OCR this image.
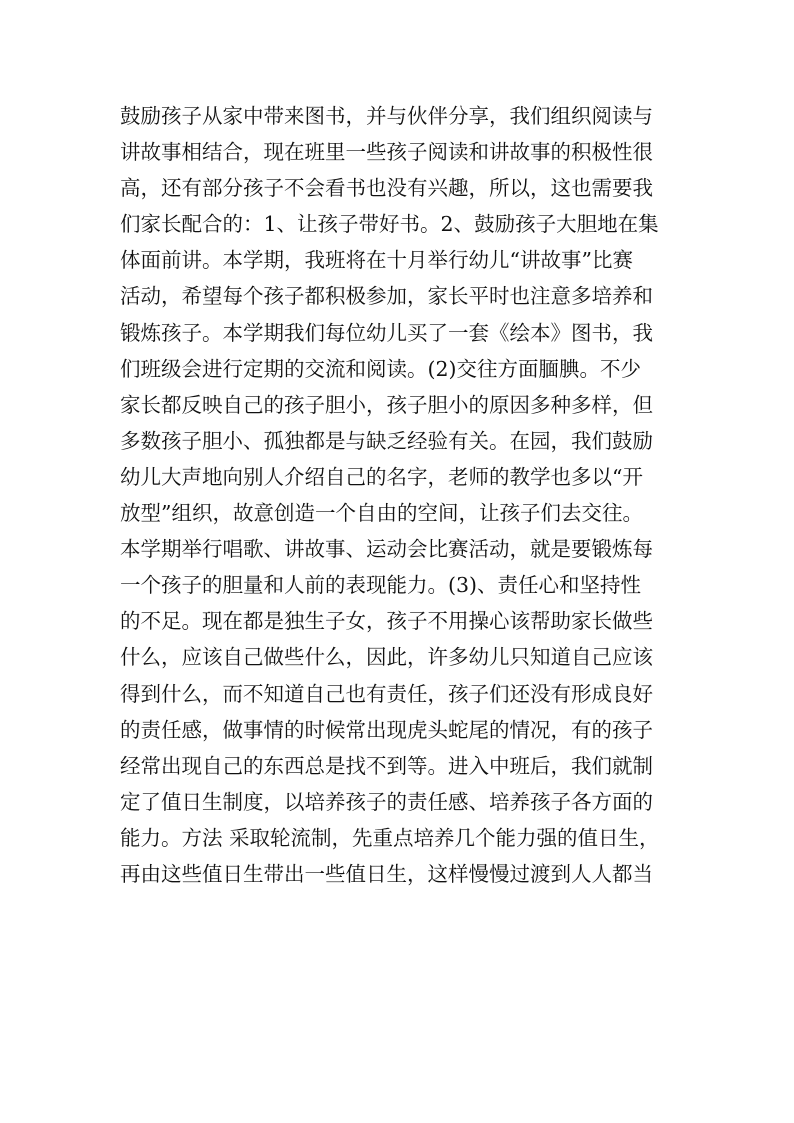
鼓励孩子从家中带来图书，并与伙伴分享，我们组织阅读与
讲故事相结合，现在班里一些孩子阅读和讲故事的积极性很
高，还有部分孩子不会看书也没有兴趣，所以，这也需要我
们家长配合的：1、让孩子带好书。2、鼓励孩子大胆地在集
体面前讲。本学期，我班将在十月举行幼儿“讲故事”比赛
活动，希望每个孩子都积极参加，家长平时也注意多培养和
锻炼孩子。本学期我们每位幼儿买了一套《绘本》图书，我
们班级会进行定期的交流和阅读。(2)交往方面腼腆。不少
家长都反映自己的孩子胆小，孩子胆小的原因多种多样，但
多数孩子胆小、孤独都是与缺乏经验有关。在园，我们鼓励
幼儿大声地向别人介绍自己的名字，老师的教学也多以“开
放型”组织，故意创造一个自由的空间，让孩子们去交往。
本学期举行唱歌、讲故事、运动会比赛活动，就是要锻炼每
一个孩子的胆量和人前的表现能力。(3)、责任心和坚持性
的不足。现在都是独生子女，孩子不用操心该帮助家长做些
什么，应该自己做些什么，因此，许多幼儿只知道自己应该
得到什么，而不知道自己也有责任，孩子们还没有形成良好
的责任感，做事情的时候常出现虎头蛇尾的情况，有的孩子
经常出现自己的东西总是找不到等。进入中班后，我们就制
定了值日生制度，以培养孩子的责任感、培养孩子各方面的
能力。方法 采取轮流制，先重点培养几个能力强的值日生，
再由这些值日生带出一些值日生，这样慢慢过渡到人人都当
